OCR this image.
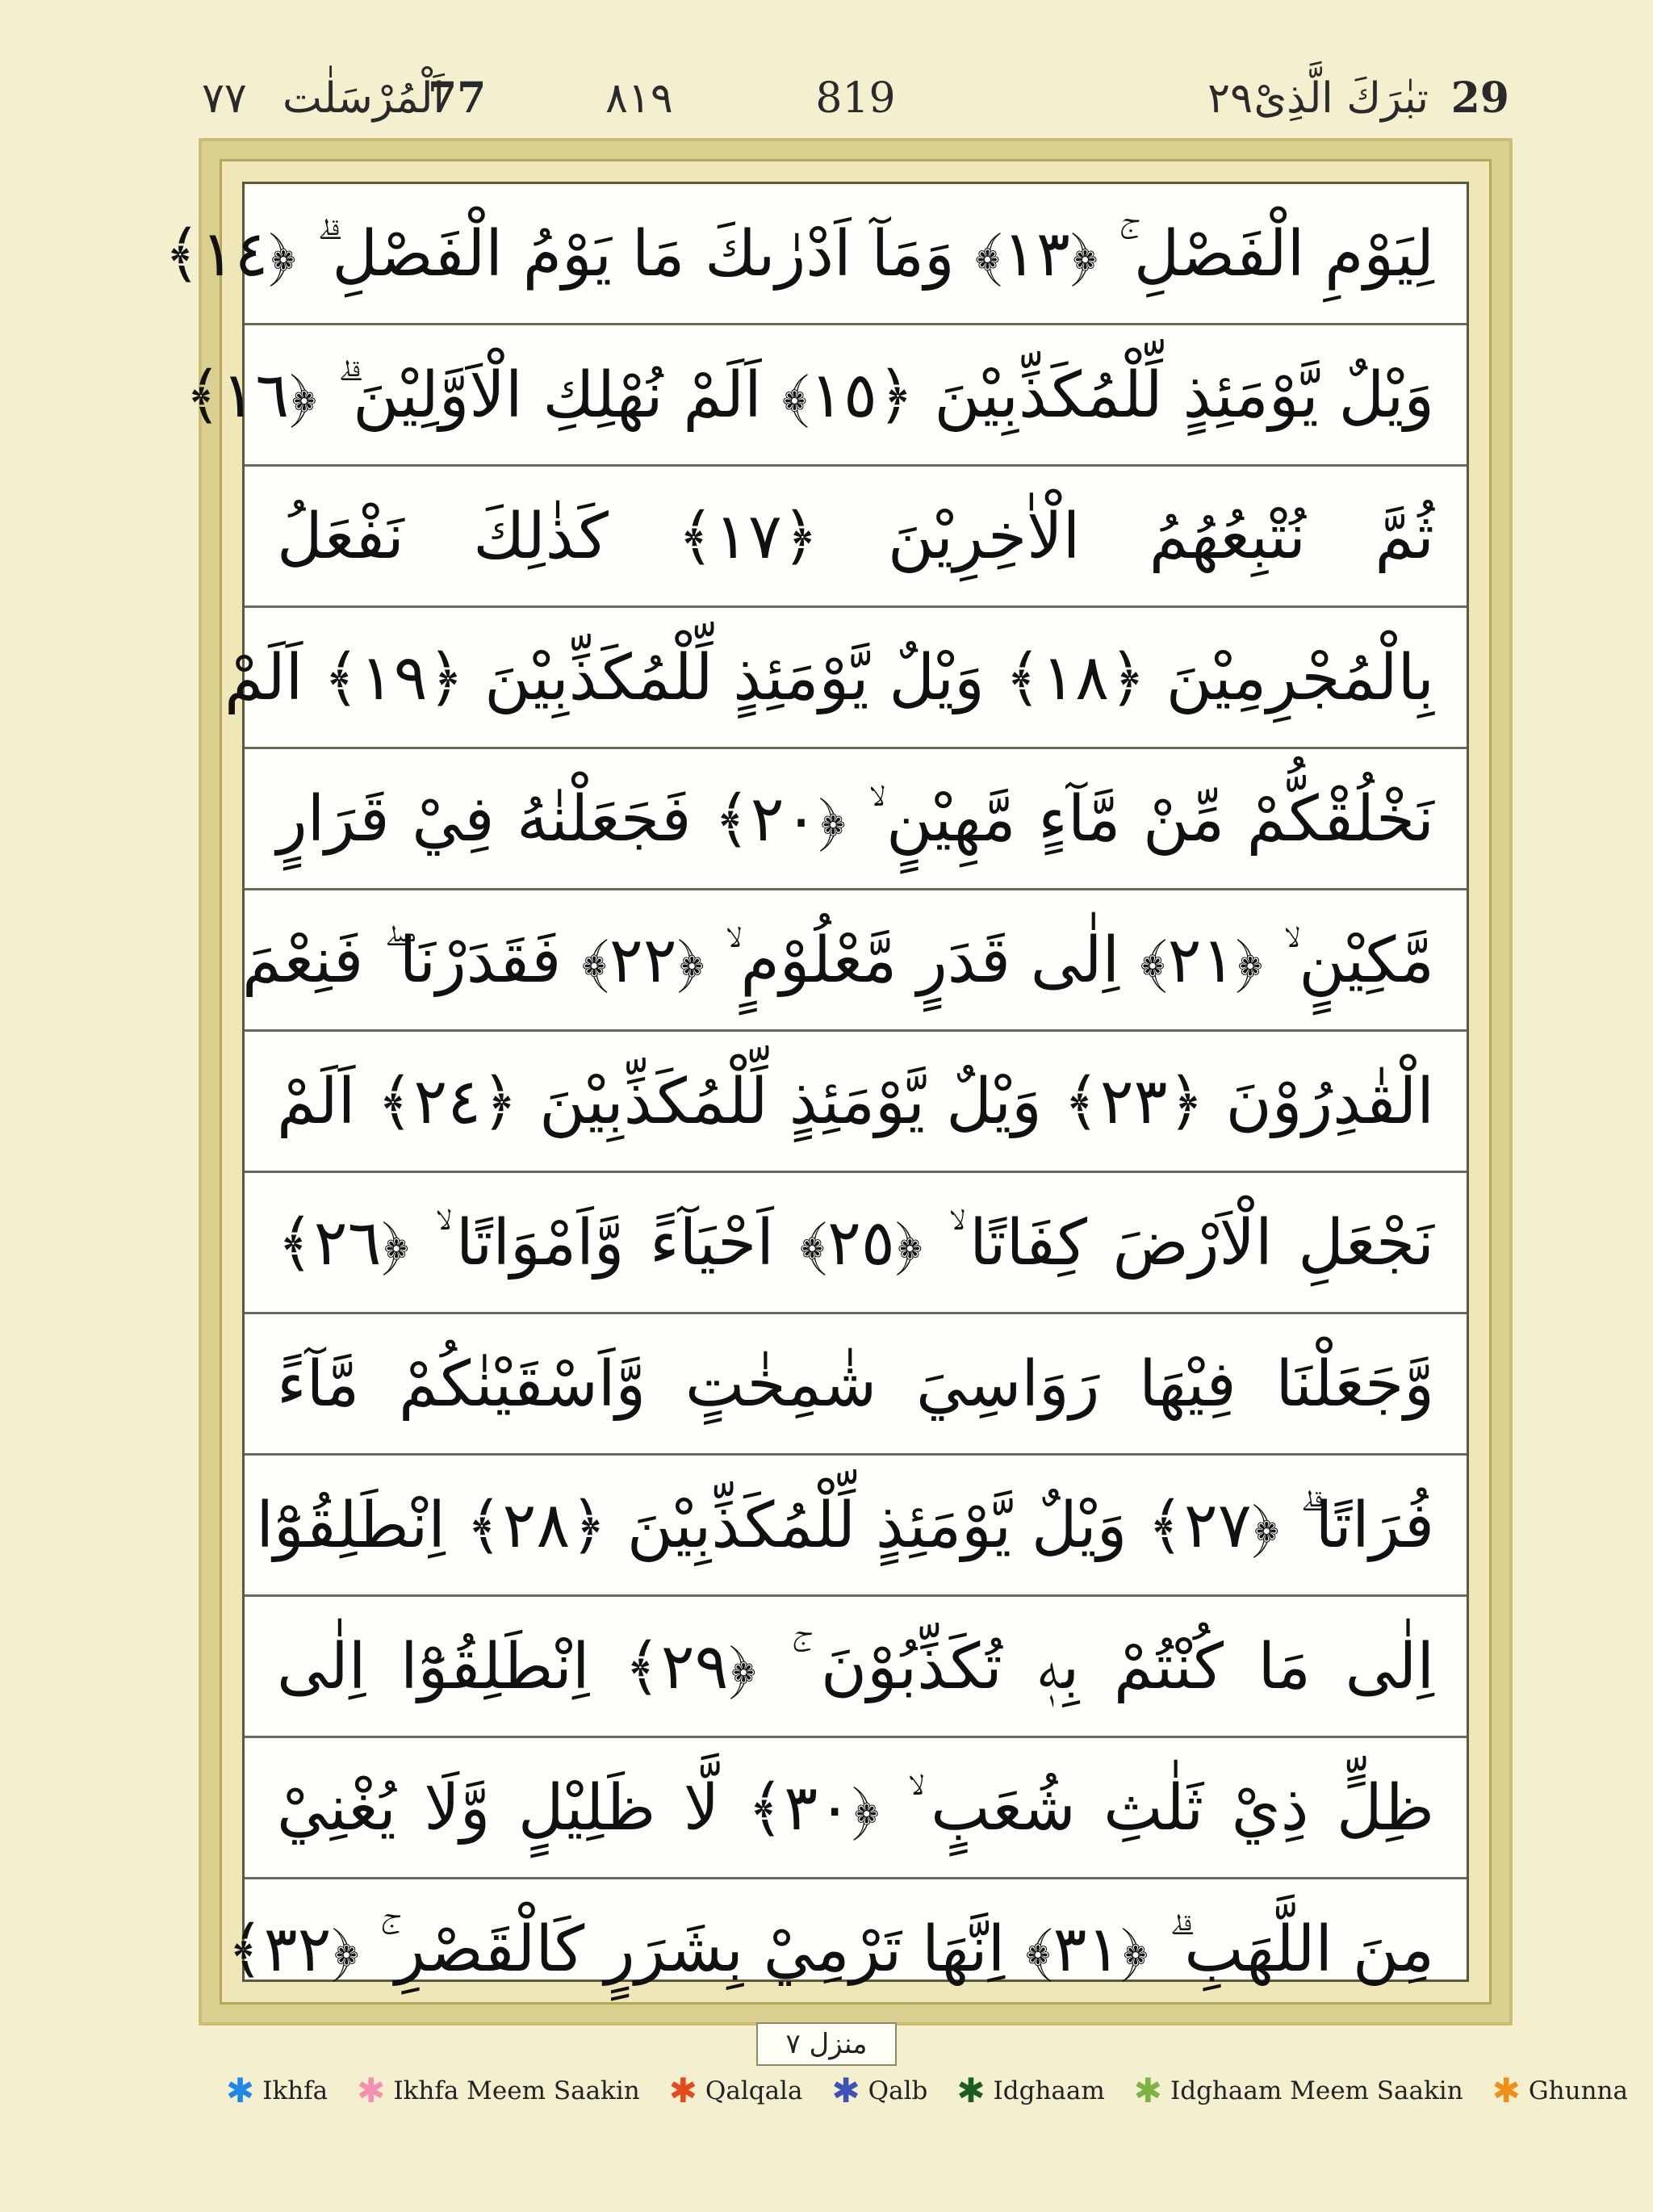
29
تبٰرَكَ الَّذِیْ
٢٩
819
٨١٩
77
اَلْمُرْسَلٰت
٧٧
لِيَوْمِ الْفَصْلِ ۚ ﴿١٣﴾ وَمَآ اَدْرٰىكَ مَا يَوْمُ الْفَصْلِ ۗ ﴿١٤﴾
وَيْلٌ يَّوْمَئِذٍ لِّلْمُكَذِّبِيْنَ ﴿١٥﴾ اَلَمْ نُهْلِكِ الْاَوَّلِيْنَ ۗ ﴿١٦﴾
ثُمَّ نُتْبِعُهُمُ الْاٰخِرِيْنَ ﴿١٧﴾ كَذٰلِكَ نَفْعَلُ
بِالْمُجْرِمِيْنَ ﴿١٨﴾ وَيْلٌ يَّوْمَئِذٍ لِّلْمُكَذِّبِيْنَ ﴿١٩﴾ اَلَمْ
نَخْلُقْكُّمْ مِّنْ مَّآءٍ مَّهِيْنٍ ۙ ﴿٢٠﴾ فَجَعَلْنٰهُ فِيْ قَرَارٍ
مَّكِيْنٍ ۙ ﴿٢١﴾ اِلٰى قَدَرٍ مَّعْلُوْمٍ ۙ ﴿٢٢﴾ فَقَدَرْنَا ۖ فَنِعْمَ
الْقٰدِرُوْنَ ﴿٢٣﴾ وَيْلٌ يَّوْمَئِذٍ لِّلْمُكَذِّبِيْنَ ﴿٢٤﴾ اَلَمْ
نَجْعَلِ الْاَرْضَ كِفَاتًا ۙ ﴿٢٥﴾ اَحْيَآءً وَّاَمْوَاتًا ۙ ﴿٢٦﴾
وَّجَعَلْنَا فِيْهَا رَوَاسِيَ شٰمِخٰتٍ وَّاَسْقَيْنٰكُمْ مَّآءً
فُرَاتًا ۗ ﴿٢٧﴾ وَيْلٌ يَّوْمَئِذٍ لِّلْمُكَذِّبِيْنَ ﴿٢٨﴾ اِنْطَلِقُوْٓا
اِلٰى مَا كُنْتُمْ بِهٖ تُكَذِّبُوْنَ ۚ ﴿٢٩﴾ اِنْطَلِقُوْٓا اِلٰى
ظِلٍّ ذِيْ ثَلٰثِ شُعَبٍ ۙ ﴿٣٠﴾ لَّا ظَلِيْلٍ وَّلَا يُغْنِيْ
مِنَ اللَّهَبِ ۗ ﴿٣١﴾ اِنَّهَا تَرْمِيْ بِشَرَرٍ كَالْقَصْرِ ۚ ﴿٣٢﴾
منزل ٧
✱ Ikhfa ✱ Ikhfa Meem Saakin ✱ Qalqala ✱ Qalb ✱ Idghaam ✱ Idghaam Meem Saakin ✱ Ghunna
